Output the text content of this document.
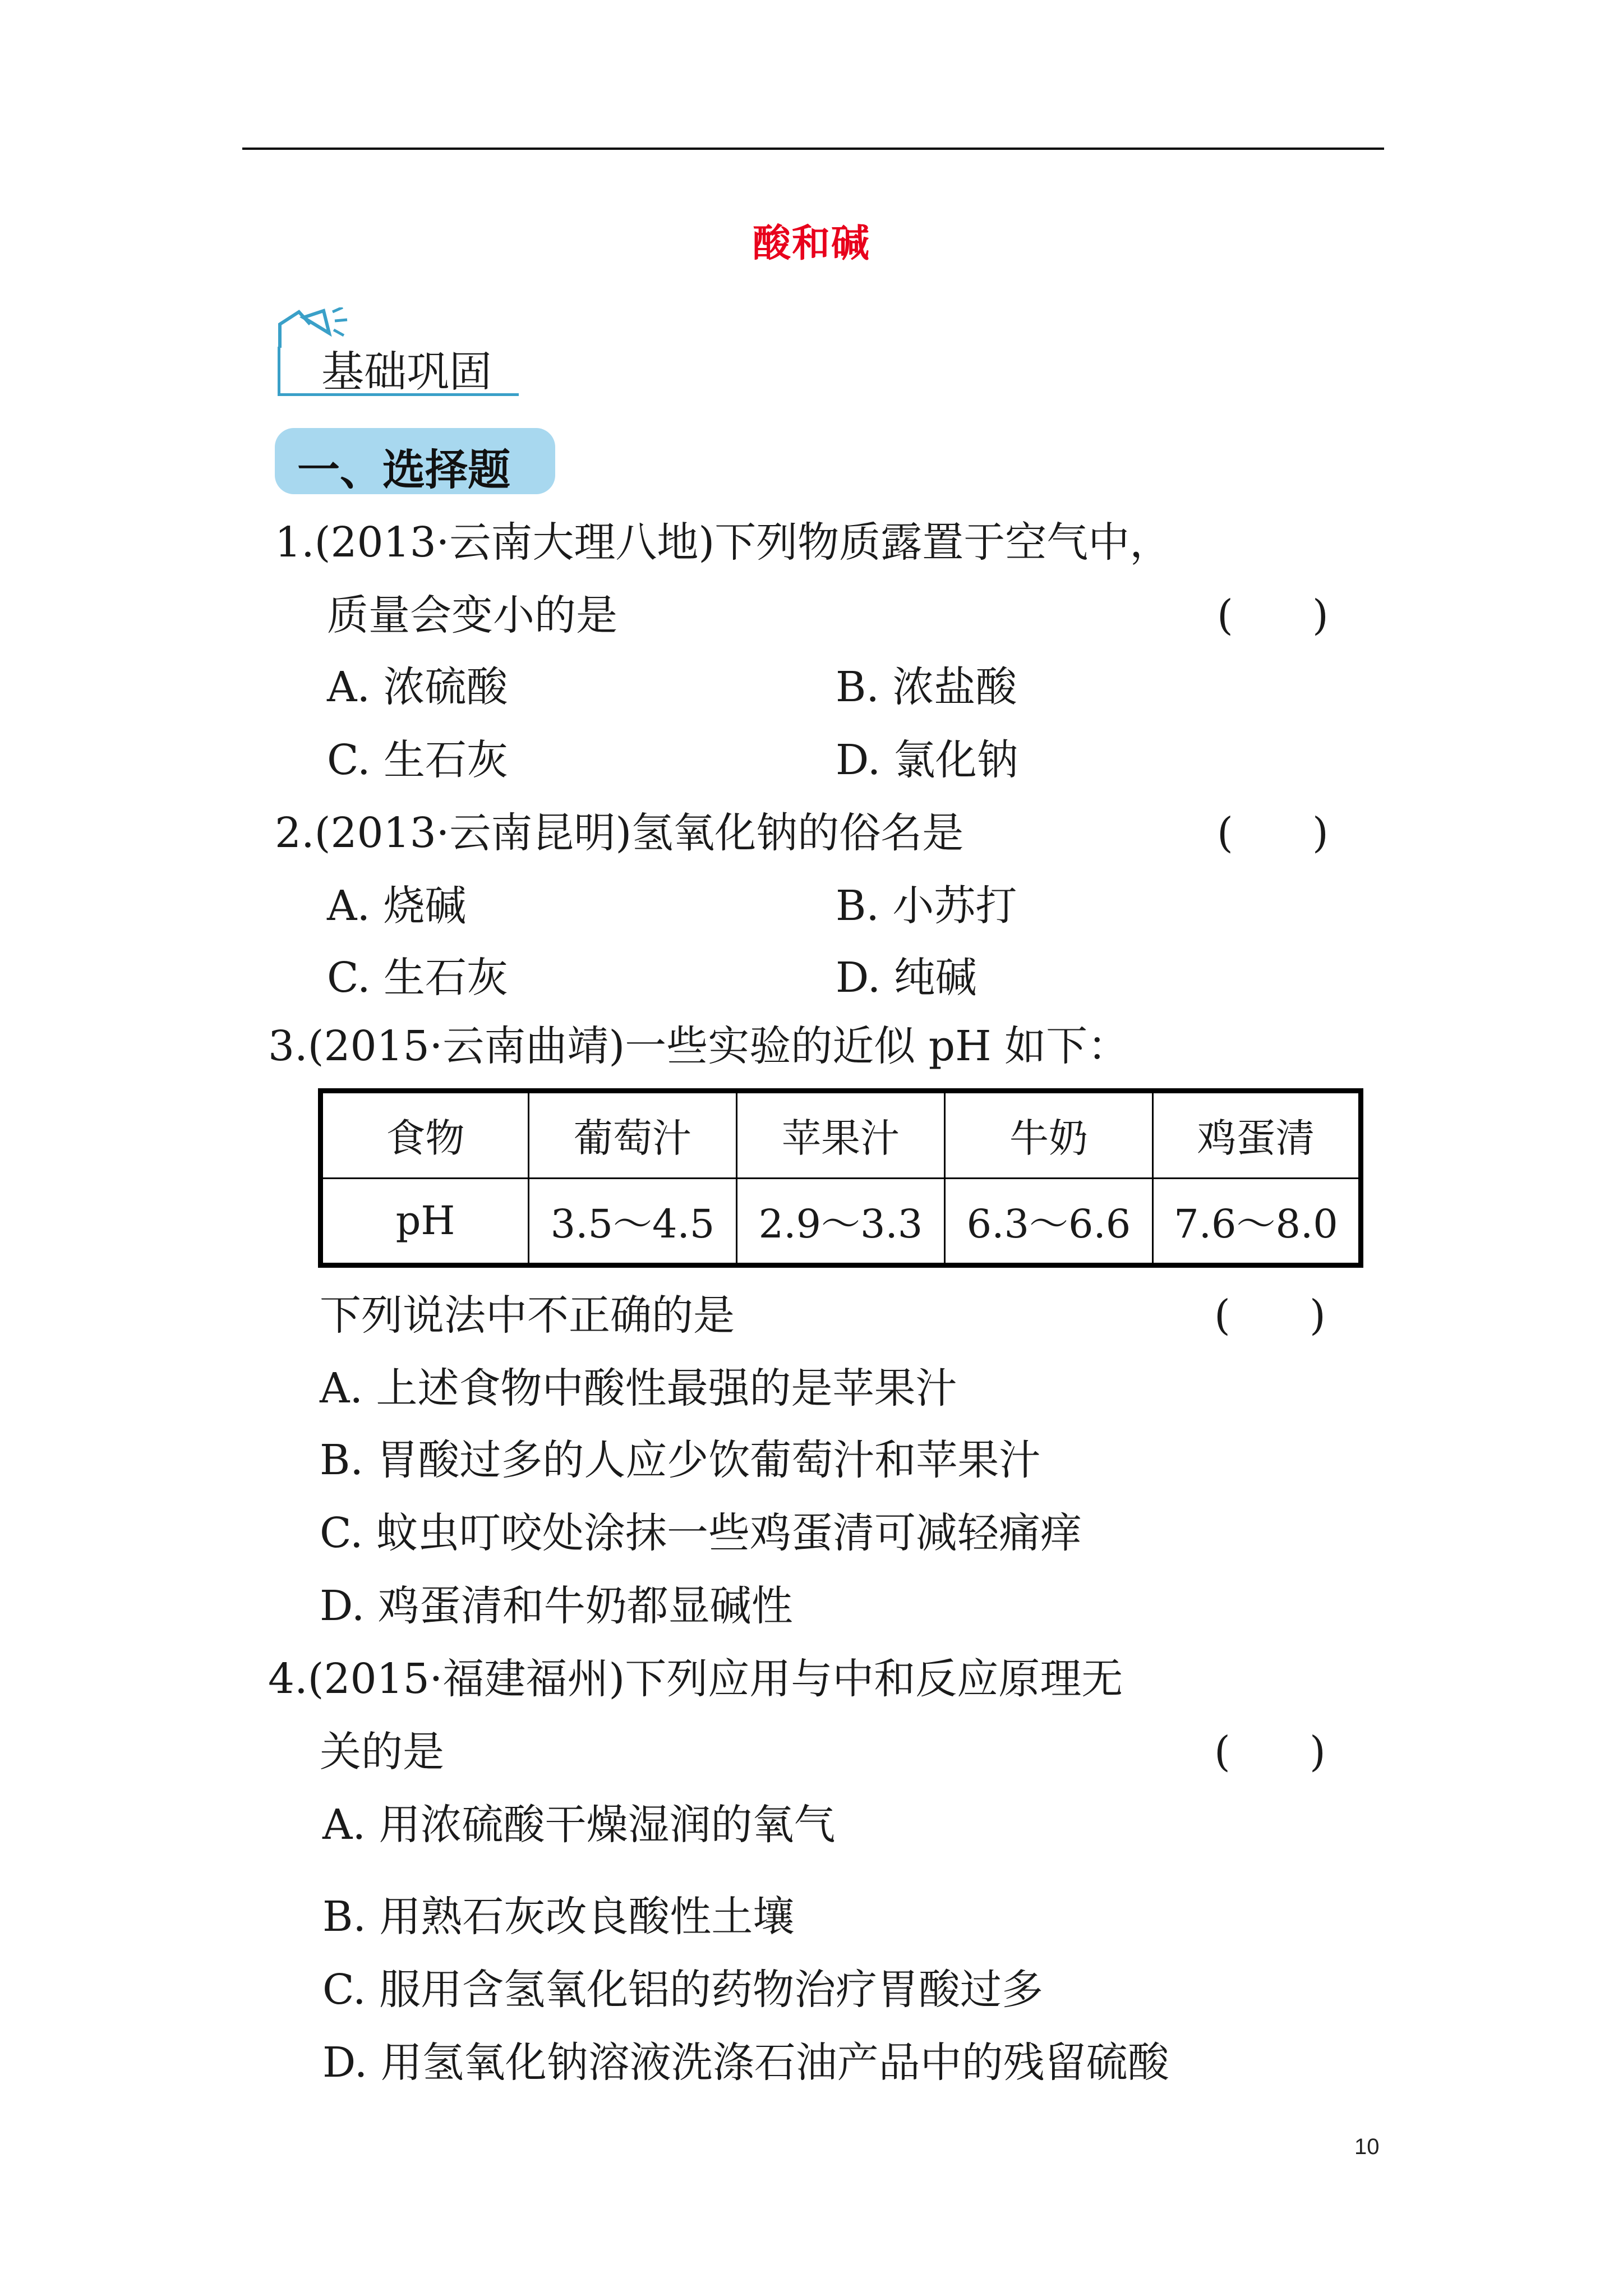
酸和碱
基础巩固
一、选择题
1.(2013·云南大理八地)下列物质露置于空气中，
质量会变小的是	(      )
A. 浓硫酸	B. 浓盐酸
C. 生石灰	D. 氯化钠
2.(2013·云南昆明)氢氧化钠的俗名是	(      )
A. 烧碱	B. 小苏打
C. 生石灰	D. 纯碱
3.(2015·云南曲靖)一些实验的近似 pH 如下：
食物	葡萄汁	苹果汁	牛奶	鸡蛋清
pH	3.5～4.5	2.9～3.3	6.3～6.6	7.6～8.0
下列说法中不正确的是	(      )
A. 上述食物中酸性最强的是苹果汁
B. 胃酸过多的人应少饮葡萄汁和苹果汁
C. 蚊虫叮咬处涂抹一些鸡蛋清可减轻痛痒
D. 鸡蛋清和牛奶都显碱性
4.(2015·福建福州)下列应用与中和反应原理无
关的是	(      )
A. 用浓硫酸干燥湿润的氧气
B. 用熟石灰改良酸性土壤
C. 服用含氢氧化铝的药物治疗胃酸过多
D. 用氢氧化钠溶液洗涤石油产品中的残留硫酸
10
